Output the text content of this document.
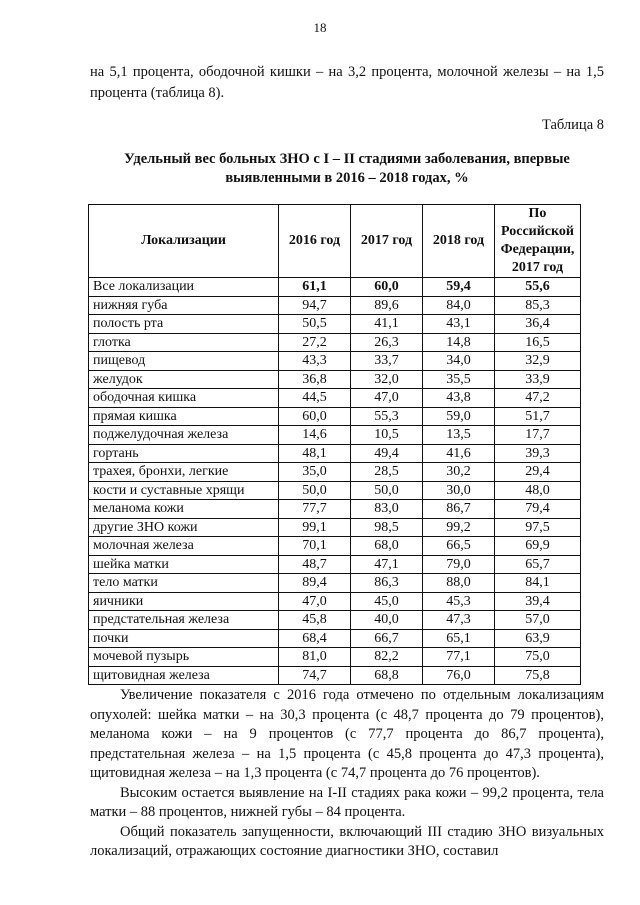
18
на 5,1 процента, ободочной кишки – на 3,2 процента, молочной железы – на 1,5 процента (таблица 8).
Таблица 8
Удельный вес больных ЗНО с I – II стадиями заболевания, впервые выявленными в 2016 – 2018 годах, %
Локализации	2016 год	2017 год	2018 год	По Российской Федерации, 2017 год
Все локализации	61,1	60,0	59,4	55,6
нижняя губа	94,7	89,6	84,0	85,3
полость рта	50,5	41,1	43,1	36,4
глотка	27,2	26,3	14,8	16,5
пищевод	43,3	33,7	34,0	32,9
желудок	36,8	32,0	35,5	33,9
ободочная кишка	44,5	47,0	43,8	47,2
прямая кишка	60,0	55,3	59,0	51,7
поджелудочная железа	14,6	10,5	13,5	17,7
гортань	48,1	49,4	41,6	39,3
трахея, бронхи, легкие	35,0	28,5	30,2	29,4
кости и суставные хрящи	50,0	50,0	30,0	48,0
меланома кожи	77,7	83,0	86,7	79,4
другие ЗНО кожи	99,1	98,5	99,2	97,5
молочная железа	70,1	68,0	66,5	69,9
шейка матки	48,7	47,1	79,0	65,7
тело матки	89,4	86,3	88,0	84,1
яичники	47,0	45,0	45,3	39,4
предстательная железа	45,8	40,0	47,3	57,0
почки	68,4	66,7	65,1	63,9
мочевой пузырь	81,0	82,2	77,1	75,0
щитовидная железа	74,7	68,8	76,0	75,8

Увеличение показателя с 2016 года отмечено по отдельным локализациям опухолей: шейка матки – на 30,3 процента (с 48,7 процента до 79 процентов), меланома кожи – на 9 процентов (с 77,7 процента до 86,7 процента), предстательная железа – на 1,5 процента (с 45,8 процента до 47,3 процента), щитовидная железа – на 1,3 процента (с 74,7 процента до 76 процентов).

Высоким остается выявление на I-II стадиях рака кожи – 99,2 процента, тела матки – 88 процентов, нижней губы – 84 процента.

Общий показатель запущенности, включающий III стадию ЗНО визуальных локализаций, отражающих состояние диагностики ЗНО, составил
